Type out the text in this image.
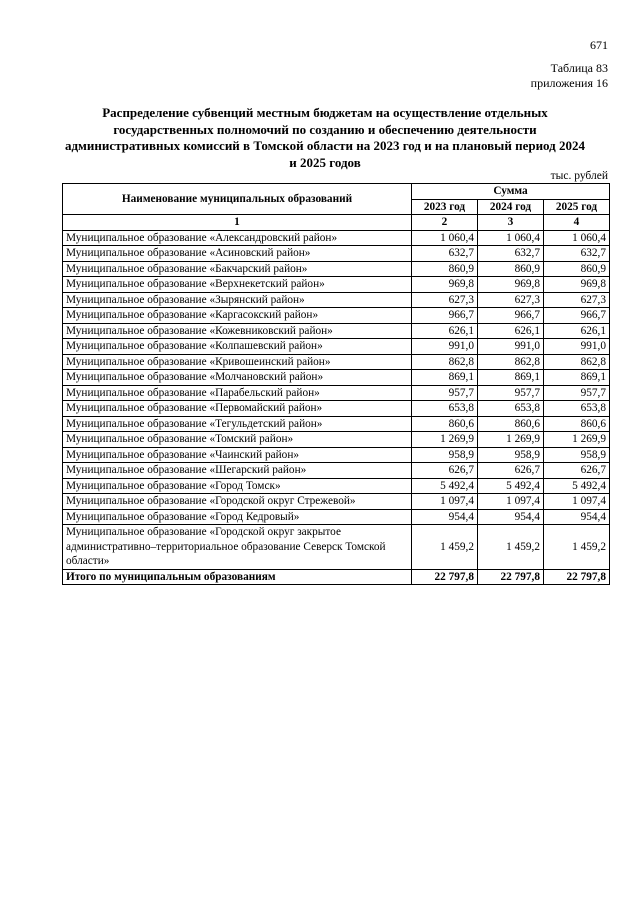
671
Таблица 83
приложения 16
Распределение субвенций местным бюджетам на осуществление отдельных государственных полномочий по созданию и обеспечению деятельности административных комиссий в Томской области на 2023 год и на плановый период 2024 и 2025 годов
тыс. рублей
Наименование муниципальных образований	Сумма		
	2023 год	2024 год	2025 год
1	2	3	4
Муниципальное образование «Александровский район»	1 060,4	1 060,4	1 060,4
Муниципальное образование «Асиновский район»	632,7	632,7	632,7
Муниципальное образование «Бакчарский район»	860,9	860,9	860,9
Муниципальное образование «Верхнекетский район»	969,8	969,8	969,8
Муниципальное образование «Зырянский район»	627,3	627,3	627,3
Муниципальное образование «Каргасокский район»	966,7	966,7	966,7
Муниципальное образование «Кожевниковский район»	626,1	626,1	626,1
Муниципальное образование «Колпашевский район»	991,0	991,0	991,0
Муниципальное образование «Кривошеинский район»	862,8	862,8	862,8
Муниципальное образование «Молчановский район»	869,1	869,1	869,1
Муниципальное образование «Парабельский район»	957,7	957,7	957,7
Муниципальное образование «Первомайский район»	653,8	653,8	653,8
Муниципальное образование «Тегульдетский район»	860,6	860,6	860,6
Муниципальное образование «Томский район»	1 269,9	1 269,9	1 269,9
Муниципальное образование «Чаинский район»	958,9	958,9	958,9
Муниципальное образование «Шегарский район»	626,7	626,7	626,7
Муниципальное образование «Город Томск»	5 492,4	5 492,4	5 492,4
Муниципальное образование «Городской округ Стрежевой»	1 097,4	1 097,4	1 097,4
Муниципальное образование «Город Кедровый»	954,4	954,4	954,4
Муниципальное образование «Городской округ закрытое административно–территориальное образование Северск Томской области»	1 459,2	1 459,2	1 459,2
Итого по муниципальным образованиям	22 797,8	22 797,8	22 797,8
